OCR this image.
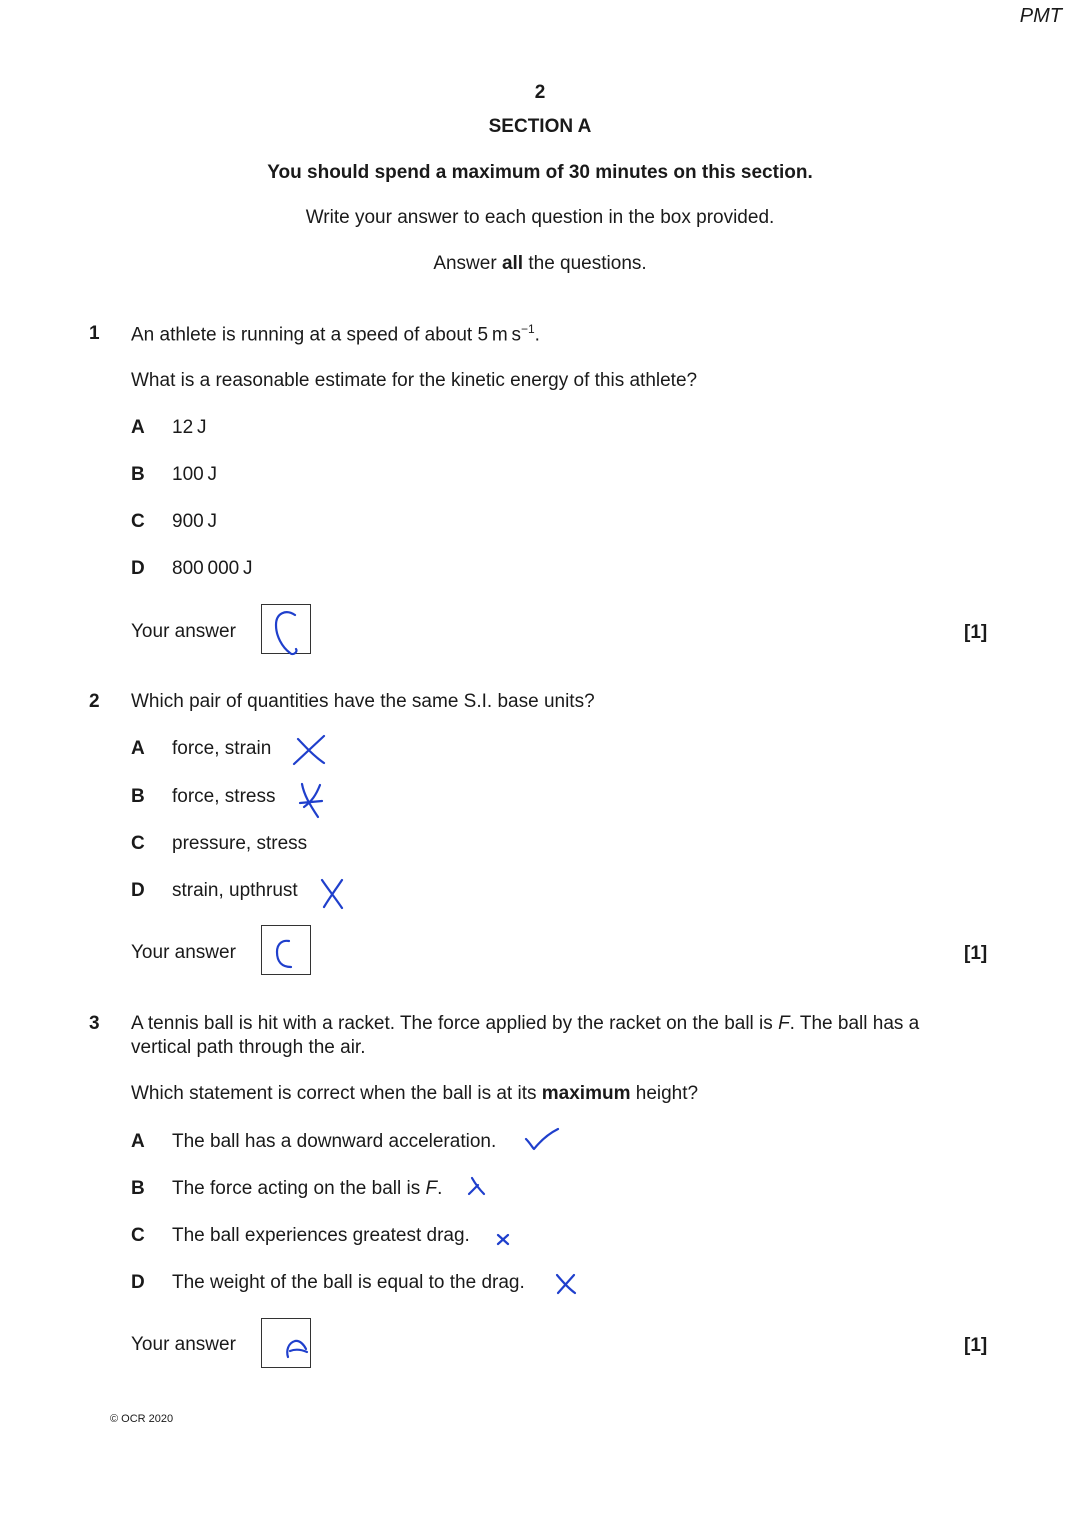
PMT
2
SECTION A
You should spend a maximum of 30 minutes on this section.
Write your answer to each question in the box provided.
Answer all the questions.
1 An athlete is running at a speed of about 5 m $s^{-1}$.
What is a reasonable estimate for the kinetic energy of this athlete?
A	12 J
B	100 J
C	900 J
D	800 000 J
Your answer	[1]
2 Which pair of quantities have the same S.I. base units?
A	force, strain
B	force, stress
C	pressure, stress
D	strain, upthrust
Your answer	[1]
3 A tennis ball is hit with a racket. The force applied by the racket on the ball is F. The ball has a
vertical path through the air.
Which statement is correct when the ball is at its maximum height?
A	The ball has a downward acceleration.
B	The force acting on the ball is F.
C	The ball experiences greatest drag.
D	The weight of the ball is equal to the drag.
Your answer	[1]
© OCR 2020
